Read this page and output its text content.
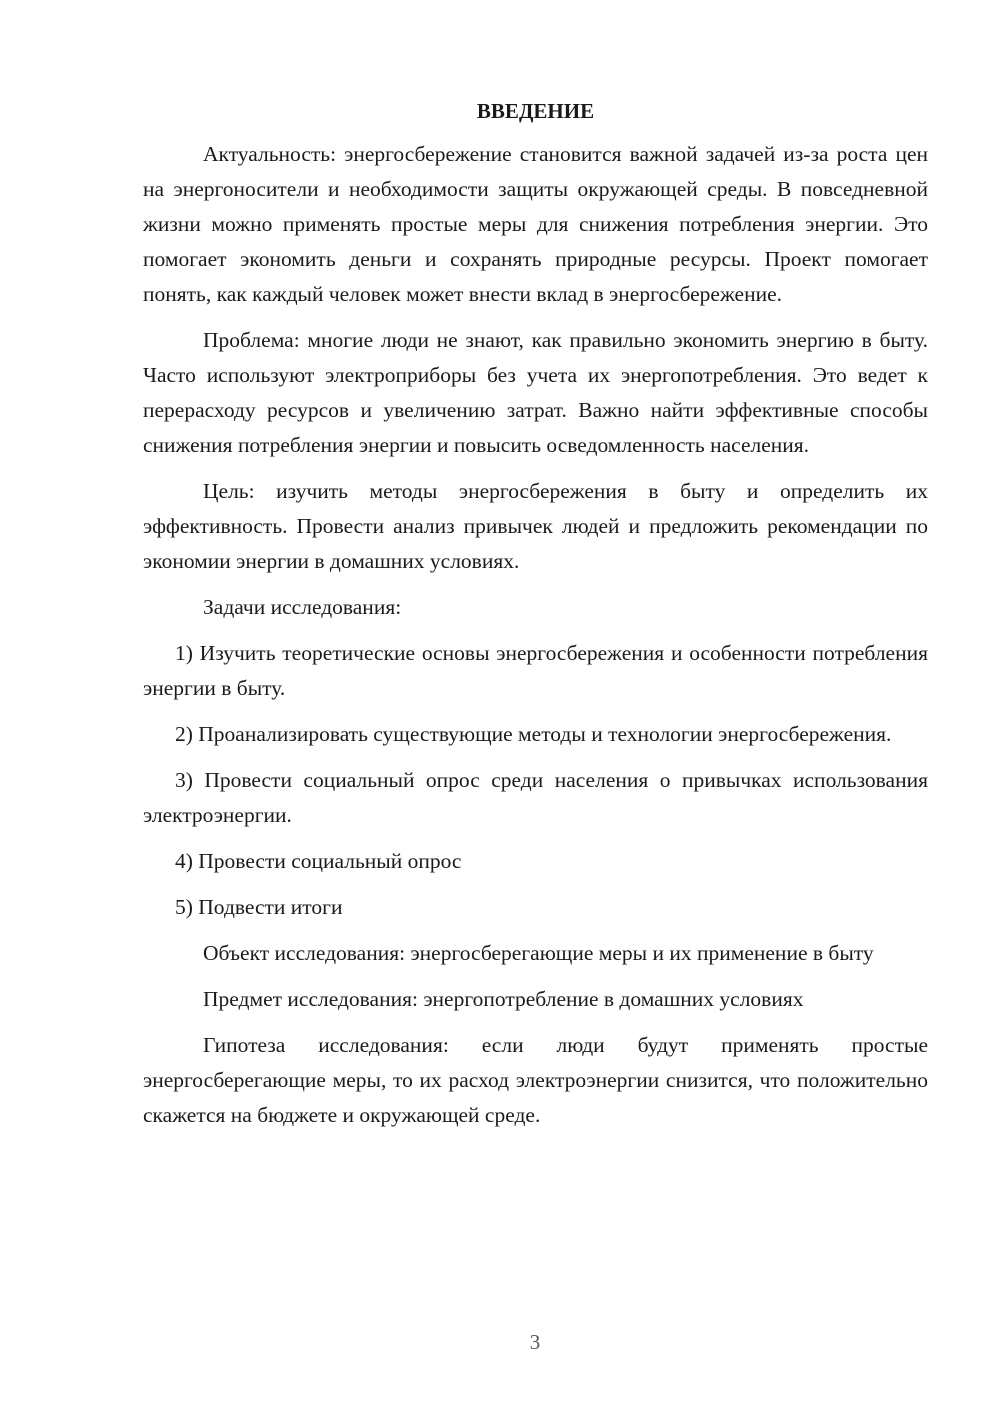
ВВЕДЕНИЕ

Актуальность: энергосбережение становится важной задачей из-за роста цен на энергоносители и необходимости защиты окружающей среды. В повседневной жизни можно применять простые меры для снижения потребления энергии. Это помогает экономить деньги и сохранять природные ресурсы. Проект помогает понять, как каждый человек может внести вклад в энергосбережение.

Проблема: многие люди не знают, как правильно экономить энергию в быту. Часто используют электроприборы без учета их энергопотребления. Это ведет к перерасходу ресурсов и увеличению затрат. Важно найти эффективные способы снижения потребления энергии и повысить осведомленность населения.

Цель: изучить методы энергосбережения в быту и определить их эффективность. Провести анализ привычек людей и предложить рекомендации по экономии энергии в домашних условиях.

Задачи исследования:

1) Изучить теоретические основы энергосбережения и особенности потребления энергии в быту.

2) Проанализировать существующие методы и технологии энергосбережения.

3) Провести социальный опрос среди населения о привычках использования электроэнергии.

4) Провести социальный опрос

5) Подвести итоги

Объект исследования: энергосберегающие меры и их применение в быту

Предмет исследования: энергопотребление в домашних условиях

Гипотеза исследования: если люди будут применять простые энергосберегающие меры, то их расход электроэнергии снизится, что положительно скажется на бюджете и окружающей среде.

3
